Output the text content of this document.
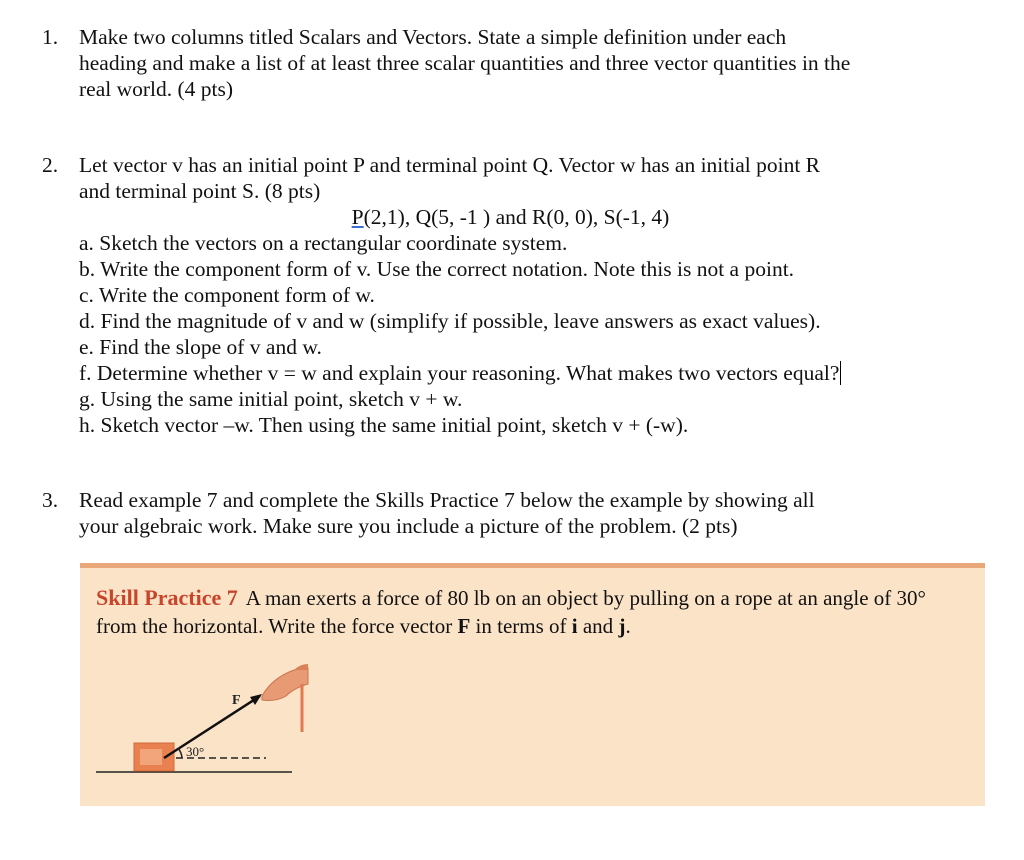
1. Make two columns titled Scalars and Vectors. State a simple definition under each
heading and make a list of at least three scalar quantities and three vector quantities in the
real world. (4 pts)
2. Let vector v has an initial point P and terminal point Q. Vector w has an initial point R
and terminal point S. (8 pts)
P(2,1), Q(5, -1 ) and R(0, 0), S(-1, 4)
a. Sketch the vectors on a rectangular coordinate system.
b. Write the component form of v. Use the correct notation. Note this is not a point.
c. Write the component form of w.
d. Find the magnitude of v and w (simplify if possible, leave answers as exact values).
e. Find the slope of v and w.
f. Determine whether v = w and explain your reasoning. What makes two vectors equal?
g. Using the same initial point, sketch v + w.
h. Sketch vector –w. Then using the same initial point, sketch v + (-w).
3. Read example 7 and complete the Skills Practice 7 below the example by showing all
your algebraic work. Make sure you include a picture of the problem. (2 pts)
Skill Practice 7 A man exerts a force of 80 lb on an object by pulling on a rope at an angle of 30°
from the horizontal. Write the force vector F in terms of i and j.
30°
F
